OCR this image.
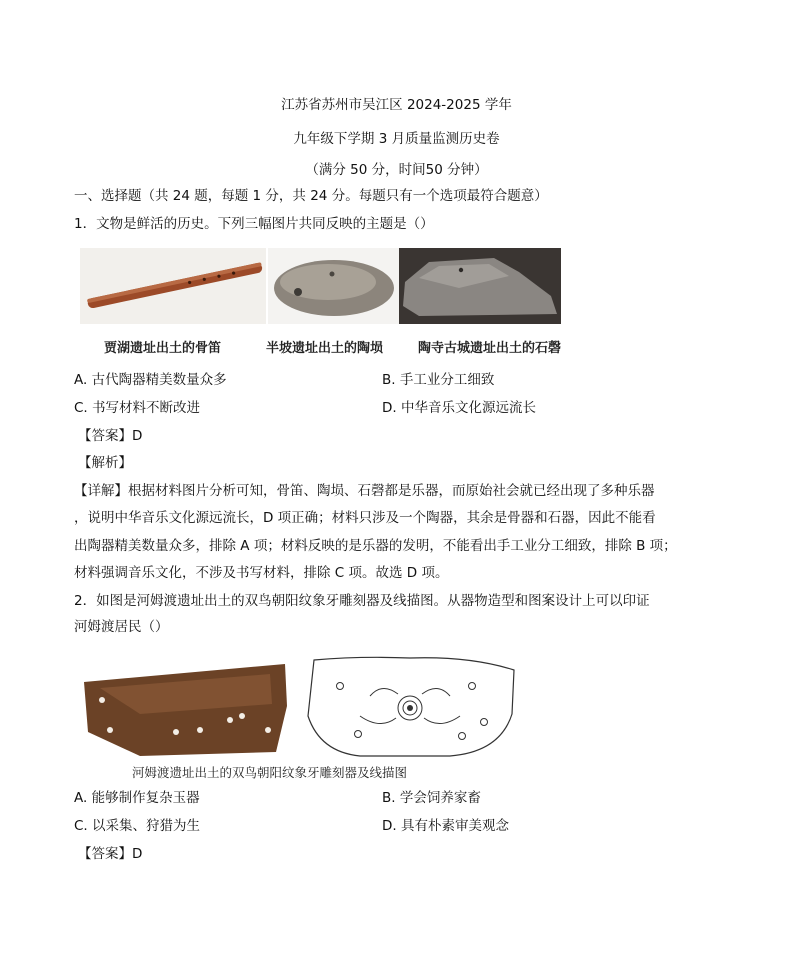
江苏省苏州市吴江区 2024-2025 学年
九年级下学期 3 月质量监测历史卷
（满分 50 分，时间50 分钟）
一、选择题（共 24 题，每题 1 分，共 24 分。每题只有一个选项最符合题意）
1．文物是鲜活的历史。下列三幅图片共同反映的主题是（）
贾湖遗址出土的骨笛	半坡遗址出土的陶埙	陶寺古城遗址出土的石磬
A. 古代陶器精美数量众多	B. 手工业分工细致
C. 书写材料不断改进	D. 中华音乐文化源远流长
【答案】D
【解析】
【详解】根据材料图片分析可知，骨笛、陶埙、石磬都是乐器，而原始社会就已经出现了多种乐器
，说明中华音乐文化源远流长，D 项正确；材料只涉及一个陶器，其余是骨器和石器，因此不能看
出陶器精美数量众多，排除 A 项；材料反映的是乐器的发明，不能看出手工业分工细致，排除 B 项；
材料强调音乐文化，不涉及书写材料，排除 C 项。故选 D 项。
2．如图是河姆渡遗址出土的双鸟朝阳纹象牙雕刻器及线描图。从器物造型和图案设计上可以印证
河姆渡居民（）
河姆渡遗址出土的双鸟朝阳纹象牙雕刻器及线描图
A. 能够制作复杂玉器	B. 学会饲养家畜
C. 以采集、狩猎为生	D. 具有朴素审美观念
【答案】D
